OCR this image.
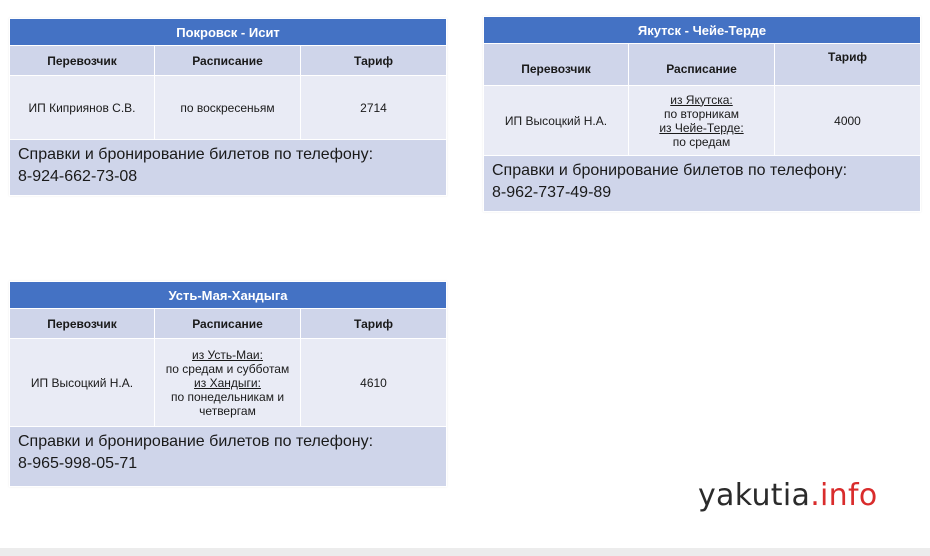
Покровск - Исит		
Перевозчик	Расписание	Тариф
ИП Киприянов С.В.	по воскресеньям	2714

Справки и бронирование билетов по телефону:
8-924-662-73-08		
Якутск - Чейе-Терде		
Перевозчик	Расписание	Тариф
ИП Высоцкий Н.А.	из Якутска:
по вторникам
из Чейе-Терде:
по средам	4000

Справки и бронирование билетов по телефону:
8-962-737-49-89		
Усть-Мая-Хандыга		
Перевозчик	Расписание	Тариф
ИП Высоцкий Н.А.	из Усть-Маи:
по средам и субботам
из Хандыги:
по понедельникам и
четвергам	4610

Справки и бронирование билетов по телефону:
8-965-998-05-71		
yakutia.info
